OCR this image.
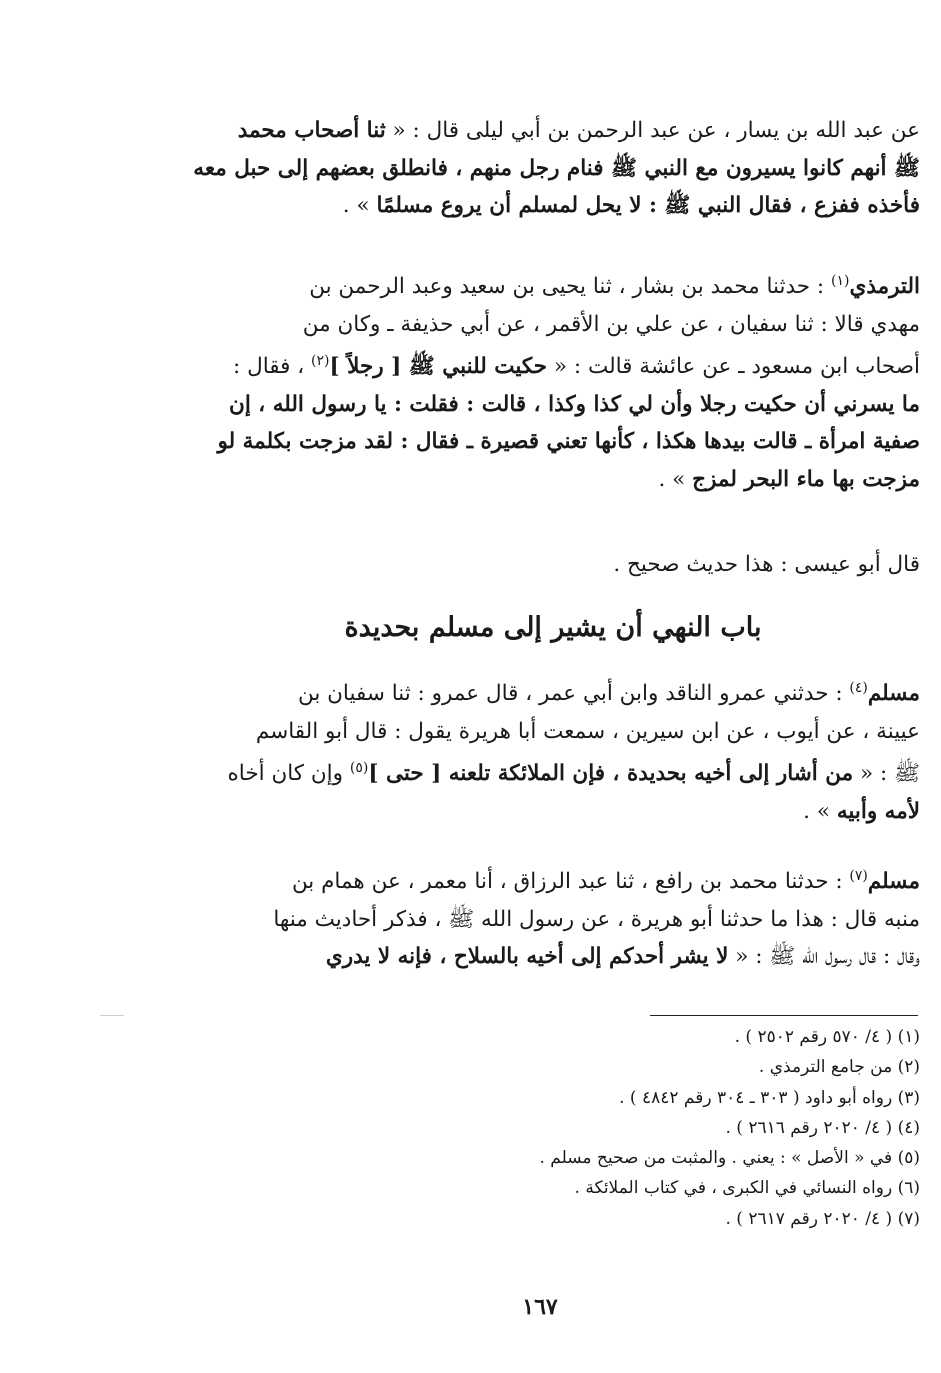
عن عبد الله بن يسار ، عن عبد الرحمن بن أبي ليلى قال : « ثنا أصحاب محمد
ﷺ أنهم كانوا يسيرون مع النبي ﷺ فنام رجل منهم ، فانطلق بعضهم إلى حبل معه
فأخذه ففزع ، فقال النبي ﷺ : لا يحل لمسلم أن يروع مسلمًا » .
الترمذي$^{(١)}$ : حدثنا محمد بن بشار ، ثنا يحيى بن سعيد وعبد الرحمن بن
مهدي قالا : ثنا سفيان ، عن علي بن الأقمر ، عن أبي حذيفة ـ وكان من
أصحاب ابن مسعود ـ عن عائشة قالت : « حكيت للنبي ﷺ [ رجلاً ]$^{(٢)}$ ، فقال :
ما يسرني أن حكيت رجلا وأن لي كذا وكذا ، قالت : فقلت : يا رسول الله ، إن
صفية امرأة ـ قالت بيدها هكذا ، كأنها تعني قصيرة ـ فقال : لقد مزجت بكلمة لو
مزجت بها ماء البحر لمزج » .
قال أبو عيسى : هذا حديث صحيح .
باب النهي أن يشير إلى مسلم بحديدة
مسلم$^{(٤)}$ : حدثني عمرو الناقد وابن أبي عمر ، قال عمرو : ثنا سفيان بن
عيينة ، عن أيوب ، عن ابن سيرين ، سمعت أبا هريرة يقول : قال أبو القاسم
ﷺ : « من أشار إلى أخيه بحديدة ، فإن الملائكة تلعنه [ حتى ]$^{(٥)}$ وإن كان أخاه
لأمه وأبيه » .
مسلم$^{(٧)}$ : حدثنا محمد بن رافع ، ثنا عبد الرزاق ، أنا معمر ، عن همام بن
منبه قال : هذا ما حدثنا أبو هريرة ، عن رسول الله ﷺ ، فذكر أحاديث منها
وقال : قال رسول الله ﷺ : « لا يشر أحدكم إلى أخيه بالسلاح ، فإنه لا يدري
(١) ( ٤/ ٥٧٠ رقم ٢٥٠٢ ) .
(٢) من جامع الترمذي .
(٣) رواه أبو داود ( ٣٠٣ ـ ٣٠٤ رقم ٤٨٤٢ ) .
(٤) ( ٤/ ٢٠٢٠ رقم ٢٦١٦ ) .
(٥) في « الأصل » : يعني . والمثبت من صحيح مسلم .
(٦) رواه النسائي في الكبرى ، في كتاب الملائكة .
(٧) ( ٤/ ٢٠٢٠ رقم ٢٦١٧ ) .
١٦٧
